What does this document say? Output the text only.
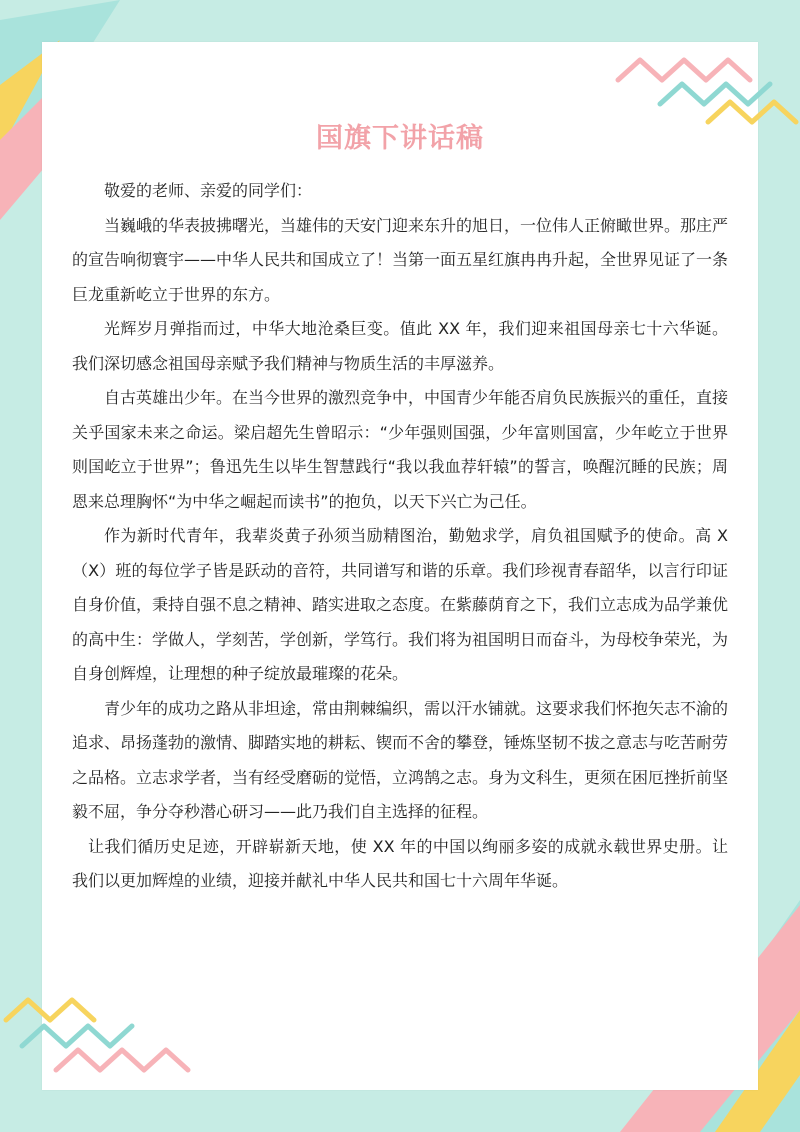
国旗下讲话稿

敬爱的老师、亲爱的同学们：

当巍峨的华表披拂曙光，当雄伟的天安门迎来东升的旭日，一位伟人正俯瞰世界。那庄严的宣告响彻寰宇——中华人民共和国成立了！当第一面五星红旗冉冉升起，全世界见证了一条巨龙重新屹立于世界的东方。

光辉岁月弹指而过，中华大地沧桑巨变。值此 XX 年，我们迎来祖国母亲七十六华诞。我们深切感念祖国母亲赋予我们精神与物质生活的丰厚滋养。

自古英雄出少年。在当今世界的激烈竞争中，中国青少年能否肩负民族振兴的重任，直接关乎国家未来之命运。梁启超先生曾昭示：“少年强则国强，少年富则国富，少年屹立于世界则国屹立于世界”；鲁迅先生以毕生智慧践行“我以我血荐轩辕”的誓言，唤醒沉睡的民族；周恩来总理胸怀“为中华之崛起而读书”的抱负，以天下兴亡为己任。

作为新时代青年，我辈炎黄子孙须当励精图治，勤勉求学，肩负祖国赋予的使命。高 X（X）班的每位学子皆是跃动的音符，共同谱写和谐的乐章。我们珍视青春韶华，以言行印证自身价值，秉持自强不息之精神、踏实进取之态度。在紫藤荫育之下，我们立志成为品学兼优的高中生：学做人，学刻苦，学创新，学笃行。我们将为祖国明日而奋斗，为母校争荣光，为自身创辉煌，让理想的种子绽放最璀璨的花朵。

青少年的成功之路从非坦途，常由荆棘编织，需以汗水铺就。这要求我们怀抱矢志不渝的追求、昂扬蓬勃的激情、脚踏实地的耕耘、锲而不舍的攀登，锤炼坚韧不拔之意志与吃苦耐劳之品格。立志求学者，当有经受磨砺的觉悟，立鸿鹄之志。身为文科生，更须在困厄挫折前坚毅不屈，争分夺秒潜心研习——此乃我们自主选择的征程。

让我们循历史足迹，开辟崭新天地，使 XX 年的中国以绚丽多姿的成就永载世界史册。让我们以更加辉煌的业绩，迎接并献礼中华人民共和国七十六周年华诞。
